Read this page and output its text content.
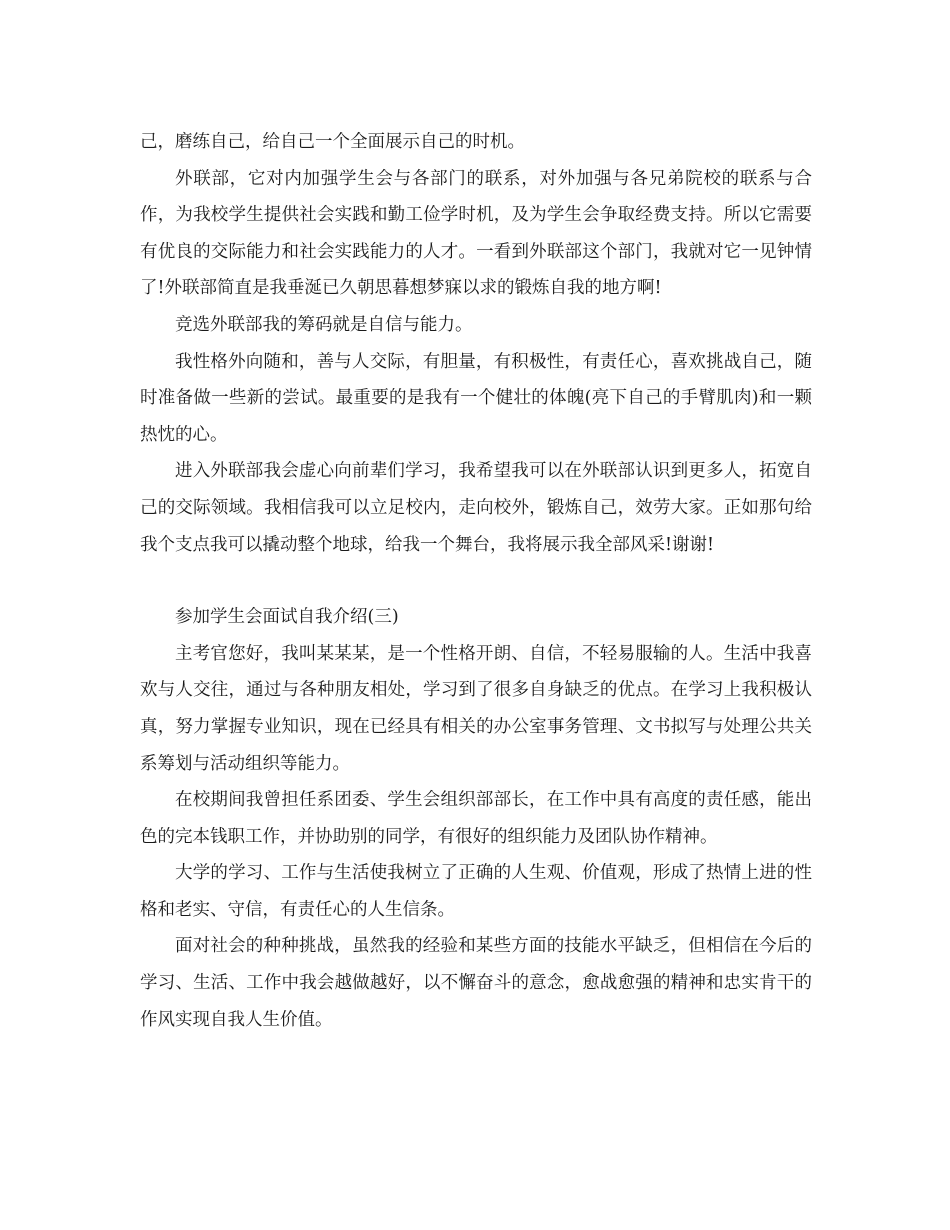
己，磨练自己，给自己一个全面展示自己的时机。

外联部，它对内加强学生会与各部门的联系，对外加强与各兄弟院校的联系与合作，为我校学生提供社会实践和勤工俭学时机，及为学生会争取经费支持。所以它需要有优良的交际能力和社会实践能力的人才。一看到外联部这个部门，我就对它一见钟情了!外联部简直是我垂涎已久朝思暮想梦寐以求的锻炼自我的地方啊!

竞选外联部我的筹码就是自信与能力。

我性格外向随和，善与人交际，有胆量，有积极性，有责任心，喜欢挑战自己，随时准备做一些新的尝试。最重要的是我有一个健壮的体魄(亮下自己的手臂肌肉)和一颗热忱的心。

进入外联部我会虚心向前辈们学习，我希望我可以在外联部认识到更多人，拓宽自己的交际领域。我相信我可以立足校内，走向校外，锻炼自己，效劳大家。正如那句给我个支点我可以撬动整个地球，给我一个舞台，我将展示我全部风采!谢谢!

参加学生会面试自我介绍(三)

主考官您好，我叫某某某，是一个性格开朗、自信，不轻易服输的人。生活中我喜欢与人交往，通过与各种朋友相处，学习到了很多自身缺乏的优点。在学习上我积极认真，努力掌握专业知识，现在已经具有相关的办公室事务管理、文书拟写与处理公共关系筹划与活动组织等能力。

在校期间我曾担任系团委、学生会组织部部长，在工作中具有高度的责任感，能出色的完本钱职工作，并协助别的同学，有很好的组织能力及团队协作精神。

大学的学习、工作与生活使我树立了正确的人生观、价值观，形成了热情上进的性格和老实、守信，有责任心的人生信条。

面对社会的种种挑战，虽然我的经验和某些方面的技能水平缺乏，但相信在今后的学习、生活、工作中我会越做越好，以不懈奋斗的意念，愈战愈强的精神和忠实肯干的作风实现自我人生价值。
